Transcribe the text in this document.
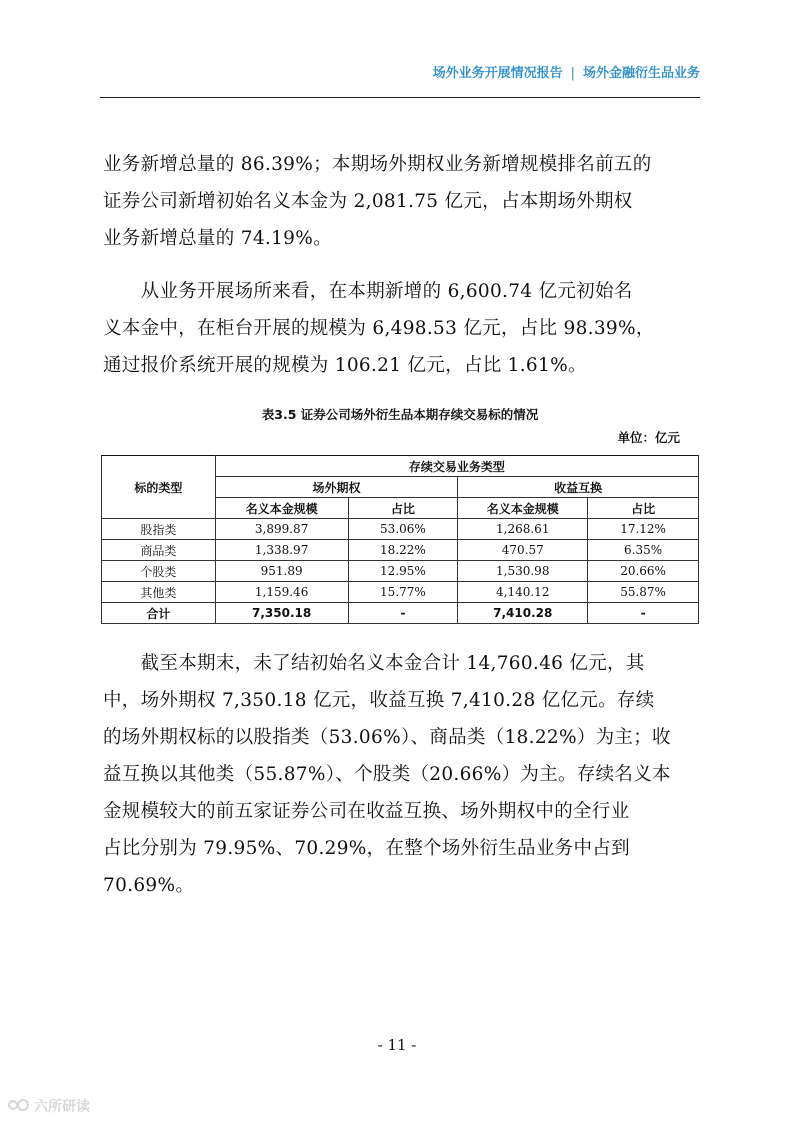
场外业务开展情况报告 | 场外金融衍生品业务
业务新增总量的 86.39%；本期场外期权业务新增规模排名前五的
证券公司新增初始名义本金为 2,081.75 亿元，占本期场外期权
业务新增总量的 74.19%。
　　从业务开展场所来看，在本期新增的 6,600.74 亿元初始名
义本金中，在柜台开展的规模为 6,498.53 亿元，占比 98.39%，
通过报价系统开展的规模为 106.21 亿元，占比 1.61%。
表3.5 证券公司场外衍生品本期存续交易标的情况
单位：亿元
标的类型	存续交易业务类型			
	场外期权		收益互换	
	名义本金规模	占比	名义本金规模	占比
股指类	3,899.87	53.06%	1,268.61	17.12%
商品类	1,338.97	18.22%	470.57	6.35%
个股类	951.89	12.95%	1,530.98	20.66%
其他类	1,159.46	15.77%	4,140.12	55.87%
合计	7,350.18	-	7,410.28	-
　　截至本期末，未了结初始名义本金合计 14,760.46 亿元，其
中，场外期权 7,350.18 亿元，收益互换 7,410.28 亿亿元。存续
的场外期权标的以股指类（53.06%）、商品类（18.22%）为主；收
益互换以其他类（55.87%）、个股类（20.66%）为主。存续名义本
金规模较大的前五家证券公司在收益互换、场外期权中的全行业
占比分别为 79.95%、70.29%，在整个场外衍生品业务中占到
70.69%。
- 11 -
六所研读
